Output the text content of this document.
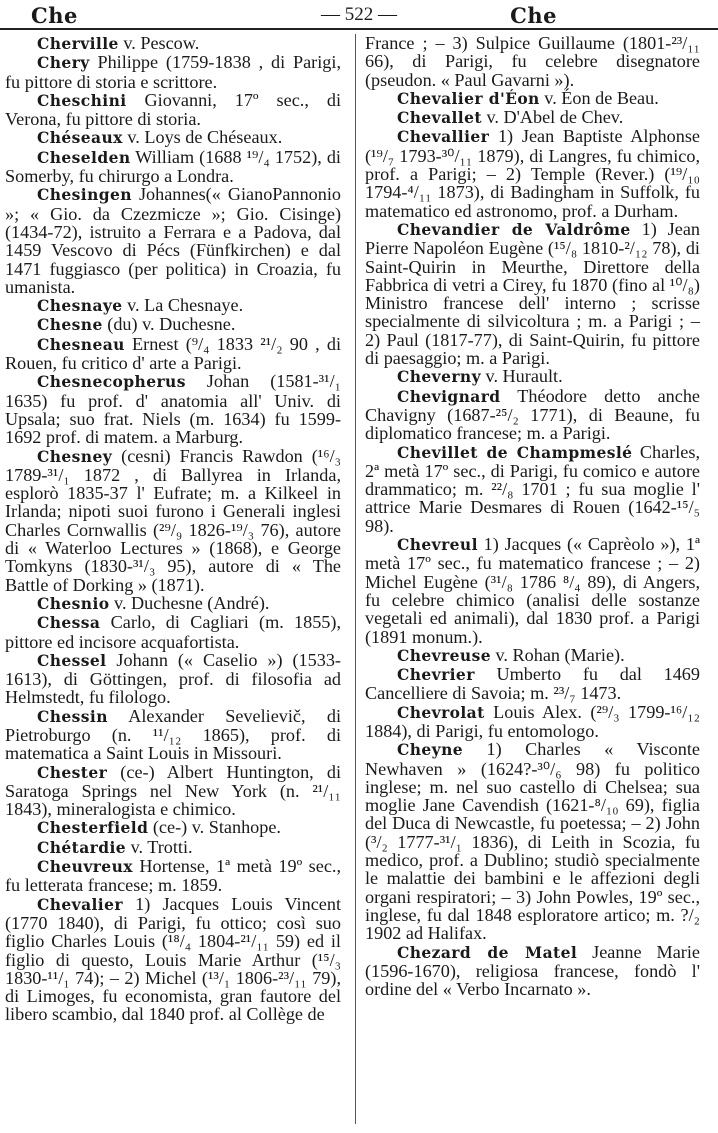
Che	— 522 —	Che

Cherville v. Pescow.

Chery Philippe (1759-1838 , di Parigi, fu pittore di storia e scrittore.

Cheschini Giovanni, 17º sec., di Verona, fu pittore di storia.

Chéseaux v. Loys de Chéseaux.

Cheselden William (1688 ¹⁹/₄ 1752), di Somerby, fu chirurgo a Londra.

Chesingen Johannes(« GianoPannonio »; « Gio. da Czezmicze »; Gio. Cisinge) (1434-72), istruito a Ferrara e a Padova, dal 1459 Vescovo di Pécs (Fünfkirchen) e dal 1471 fuggiasco (per politica) in Croazia, fu umanista.

Chesnaye v. La Chesnaye.

Chesne (du) v. Duchesne.

Chesneau Ernest (⁹/₄ 1833 ²¹/₂ 90 , di Rouen, fu critico d' arte a Parigi.

Chesnecopherus Johan (1581-³¹/₁ 1635) fu prof. d' anatomia all' Univ. di Upsala; suo frat. Niels (m. 1634) fu 1599-1692 prof. di matem. a Marburg.

Chesney (cesni) Francis Rawdon (¹⁶/₃ 1789-³¹/₁ 1872 , di Ballyrea in Irlanda, esplorò 1835-37 l' Eufrate; m. a Kilkeel in Irlanda; nipoti suoi furono i Generali inglesi Charles Cornwallis (²⁹/₉ 1826-¹⁹/₃ 76), autore di « Waterloo Lectures » (1868), e George Tomkyns (1830-³¹/₃ 95), autore di « The Battle of Dorking » (1871).

Chesnio v. Duchesne (André).

Chessa Carlo, di Cagliari (m. 1855), pittore ed incisore acquafortista.

Chessel Johann (« Caselio ») (1533-1613), di Göttingen, prof. di filosofia ad Helmstedt, fu filologo.

Chessin Alexander Sevelievič, di Pietroburgo (n. ¹¹/₁₂ 1865), prof. di matematica a Saint Louis in Missouri.

Chester (ce-) Albert Huntington, di Saratoga Springs nel New York (n. ²¹/₁₁ 1843), mineralogista e chimico.

Chesterfield (ce-) v. Stanhope.

Chétardie v. Trotti.

Cheuvreux Hortense, 1ª metà 19º sec., fu letterata francese; m. 1859.

Chevalier 1) Jacques Louis Vincent (1770 1840), di Parigi, fu ottico; così suo figlio Charles Louis (¹⁸/₄ 1804-²¹/₁₁ 59) ed il figlio di questo, Louis Marie Arthur (¹⁵/₃ 1830-¹¹/₁ 74); – 2) Michel (¹³/₁ 1806-²³/₁₁ 79), di Limoges, fu economista, gran fautore del libero scambio, dal 1840 prof. al Collège de

France ; – 3) Sulpice Guillaume (1801-²³/₁₁ 66), di Parigi, fu celebre disegnatore (pseudon. « Paul Gavarni »).

Chevalier d'Éon v. Éon de Beau.

Chevallet v. D'Abel de Chev.

Chevallier 1) Jean Baptiste Alphonse (¹⁹/₇ 1793-³⁰/₁₁ 1879), di Langres, fu chimico, prof. a Parigi; – 2) Temple (Rever.) (¹⁹/₁₀ 1794-⁴/₁₁ 1873), di Badingham in Suffolk, fu matematico ed astronomo, prof. a Durham.

Chevandier de Valdrôme 1) Jean Pierre Napoléon Eugène (¹⁵/₈ 1810-²/₁₂ 78), di Saint-Quirin in Meurthe, Direttore della Fabbrica di vetri a Cirey, fu 1870 (fino al ¹⁰/₈) Ministro francese dell' interno ; scrisse specialmente di silvicoltura ; m. a Parigi ; – 2) Paul (1817-77), di Saint-Quirin, fu pittore di paesaggio; m. a Parigi.

Cheverny v. Hurault.

Chevignard Théodore detto anche Chavigny (1687-²⁵/₂ 1771), di Beaune, fu diplomatico francese; m. a Parigi.

Chevillet de Champmeslé Charles, 2ª metà 17º sec., di Parigi, fu comico e autore drammatico; m. ²²/₈ 1701 ; fu sua moglie l' attrice Marie Desmares di Rouen (1642-¹⁵/₅ 98).

Chevreul 1) Jacques (« Caprèolo »), 1ª metà 17º sec., fu matematico francese ; – 2) Michel Eugène (³¹/₈ 1786 ⁸/₄ 89), di Angers, fu celebre chimico (analisi delle sostanze vegetali ed animali), dal 1830 prof. a Parigi (1891 monum.).

Chevreuse v. Rohan (Marie).

Chevrier Umberto fu dal 1469 Cancelliere di Savoia; m. ²³/₇ 1473.

Chevrolat Louis Alex. (²⁹/₃ 1799-¹⁶/₁₂ 1884), di Parigi, fu entomologo.

Cheyne 1) Charles « Visconte Newhaven » (1624?-³⁰/₆ 98) fu politico inglese; m. nel suo castello di Chelsea; sua moglie Jane Cavendish (1621-⁸/₁₀ 69), figlia del Duca di Newcastle, fu poetessa; – 2) John (³/₂ 1777-³¹/₁ 1836), di Leith in Scozia, fu medico, prof. a Dublino; studiò specialmente le malattie dei bambini e le affezioni degli organi respiratori; – 3) John Powles, 19º sec., inglese, fu dal 1848 esploratore artico; m. ?/₂ 1902 ad Halifax.

Chezard de Matel Jeanne Marie (1596-1670), religiosa francese, fondò l' ordine del « Verbo Incarnato ».
